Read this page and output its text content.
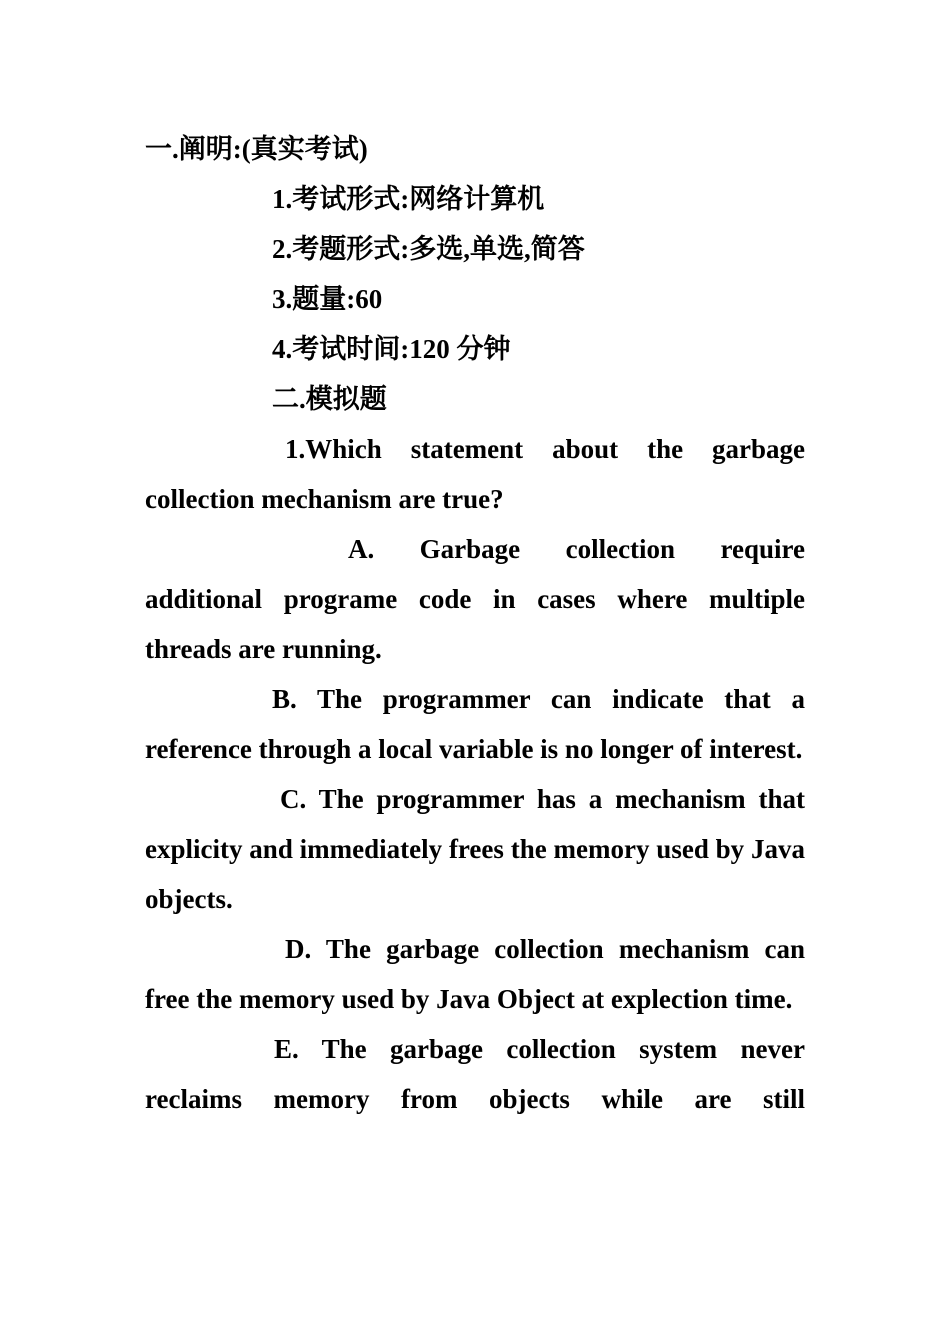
一.阐明:(真实考试)
1.考试形式:网络计算机
2.考题形式:多选,单选,简答
3.题量:60
4.考试时间:120 分钟
二.模拟题

1.Which statement about the garbage collection mechanism are true?

A. Garbage collection require additional programe code in cases where multiple     threads are running.

B. The programmer can indicate that a reference through a local variable is no longer of interest.

C. The programmer has a mechanism that explicity and immediately frees the memory used by Java objects.

D. The garbage collection mechanism can free the memory used by Java Object at explection time.

E. The garbage collection system never reclaims memory from objects while are still
